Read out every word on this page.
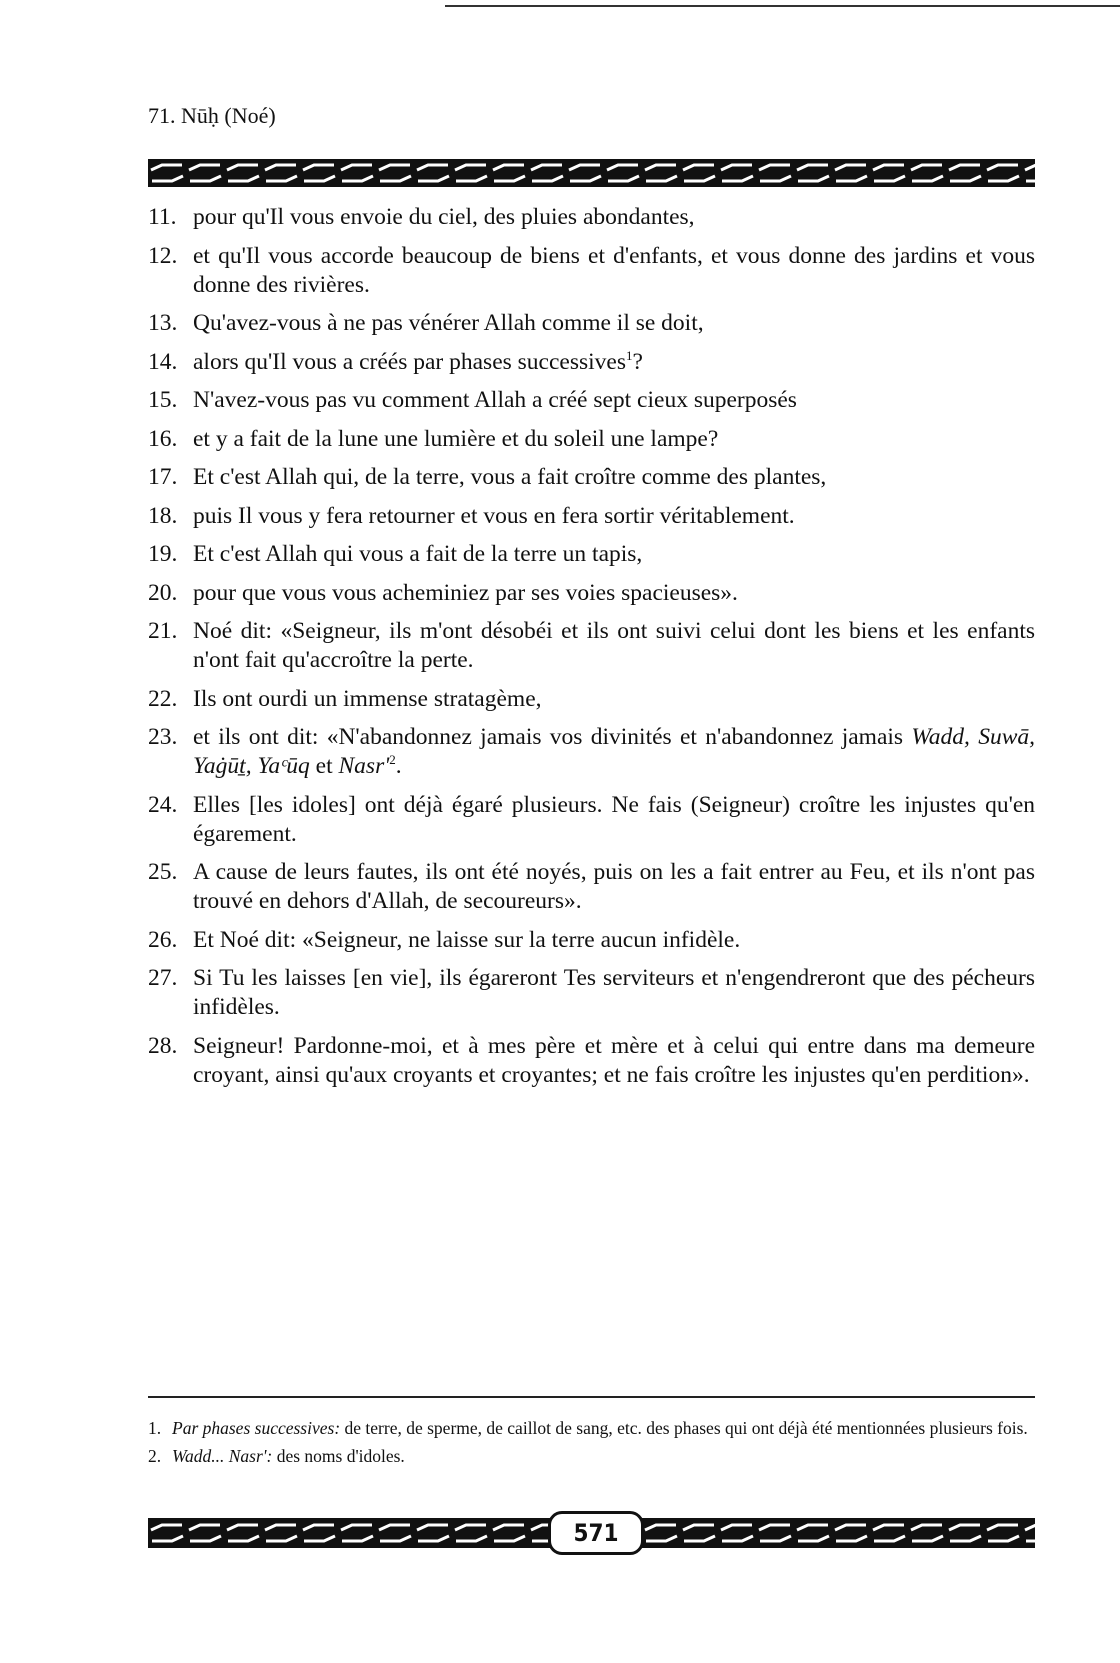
71. Nūḥ (Noé)
11. pour qu'Il vous envoie du ciel, des pluies abondantes,
12. et qu'Il vous accorde beaucoup de biens et d'enfants, et vous donne des jardins et vous donne des rivières.
13. Qu'avez-vous à ne pas vénérer Allah comme il se doit,
14. alors qu'Il vous a créés par phases successives$^1$?
15. N'avez-vous pas vu comment Allah a créé sept cieux superposés
16. et y a fait de la lune une lumière et du soleil une lampe?
17. Et c'est Allah qui, de la terre, vous a fait croître comme des plantes,
18. puis Il vous y fera retourner et vous en fera sortir véritablement.
19. Et c'est Allah qui vous a fait de la terre un tapis,
20. pour que vous vous acheminiez par ses voies spacieuses».
21. Noé dit: «Seigneur, ils m'ont désobéi et ils ont suivi celui dont les biens et les enfants n'ont fait qu'accroître la perte.
22. Ils ont ourdi un immense stratagème,
23. et ils ont dit: «N'abandonnez jamais vos divinités et n'abandonnez jamais Wadd, Suwā, Yaġūṯ, Yaᶜūq et $Nasr'^2$.
24. Elles [les idoles] ont déjà égaré plusieurs. Ne fais (Seigneur) croître les injustes qu'en égarement.
25. A cause de leurs fautes, ils ont été noyés, puis on les a fait entrer au Feu, et ils n'ont pas trouvé en dehors d'Allah, de secoureurs».
26. Et Noé dit: «Seigneur, ne laisse sur la terre aucun infidèle.
27. Si Tu les laisses [en vie], ils égareront Tes serviteurs et n'engendreront que des pécheurs infidèles.
28. Seigneur! Pardonne-moi, et à mes père et mère et à celui qui entre dans ma demeure croyant, ainsi qu'aux croyants et croyantes; et ne fais croître les injustes qu'en perdition».
1. Par phases successives: de terre, de sperme, de caillot de sang, etc. des phases qui ont déjà été mentionnées plusieurs fois.
2. Wadd... Nasr': des noms d'idoles.
571
